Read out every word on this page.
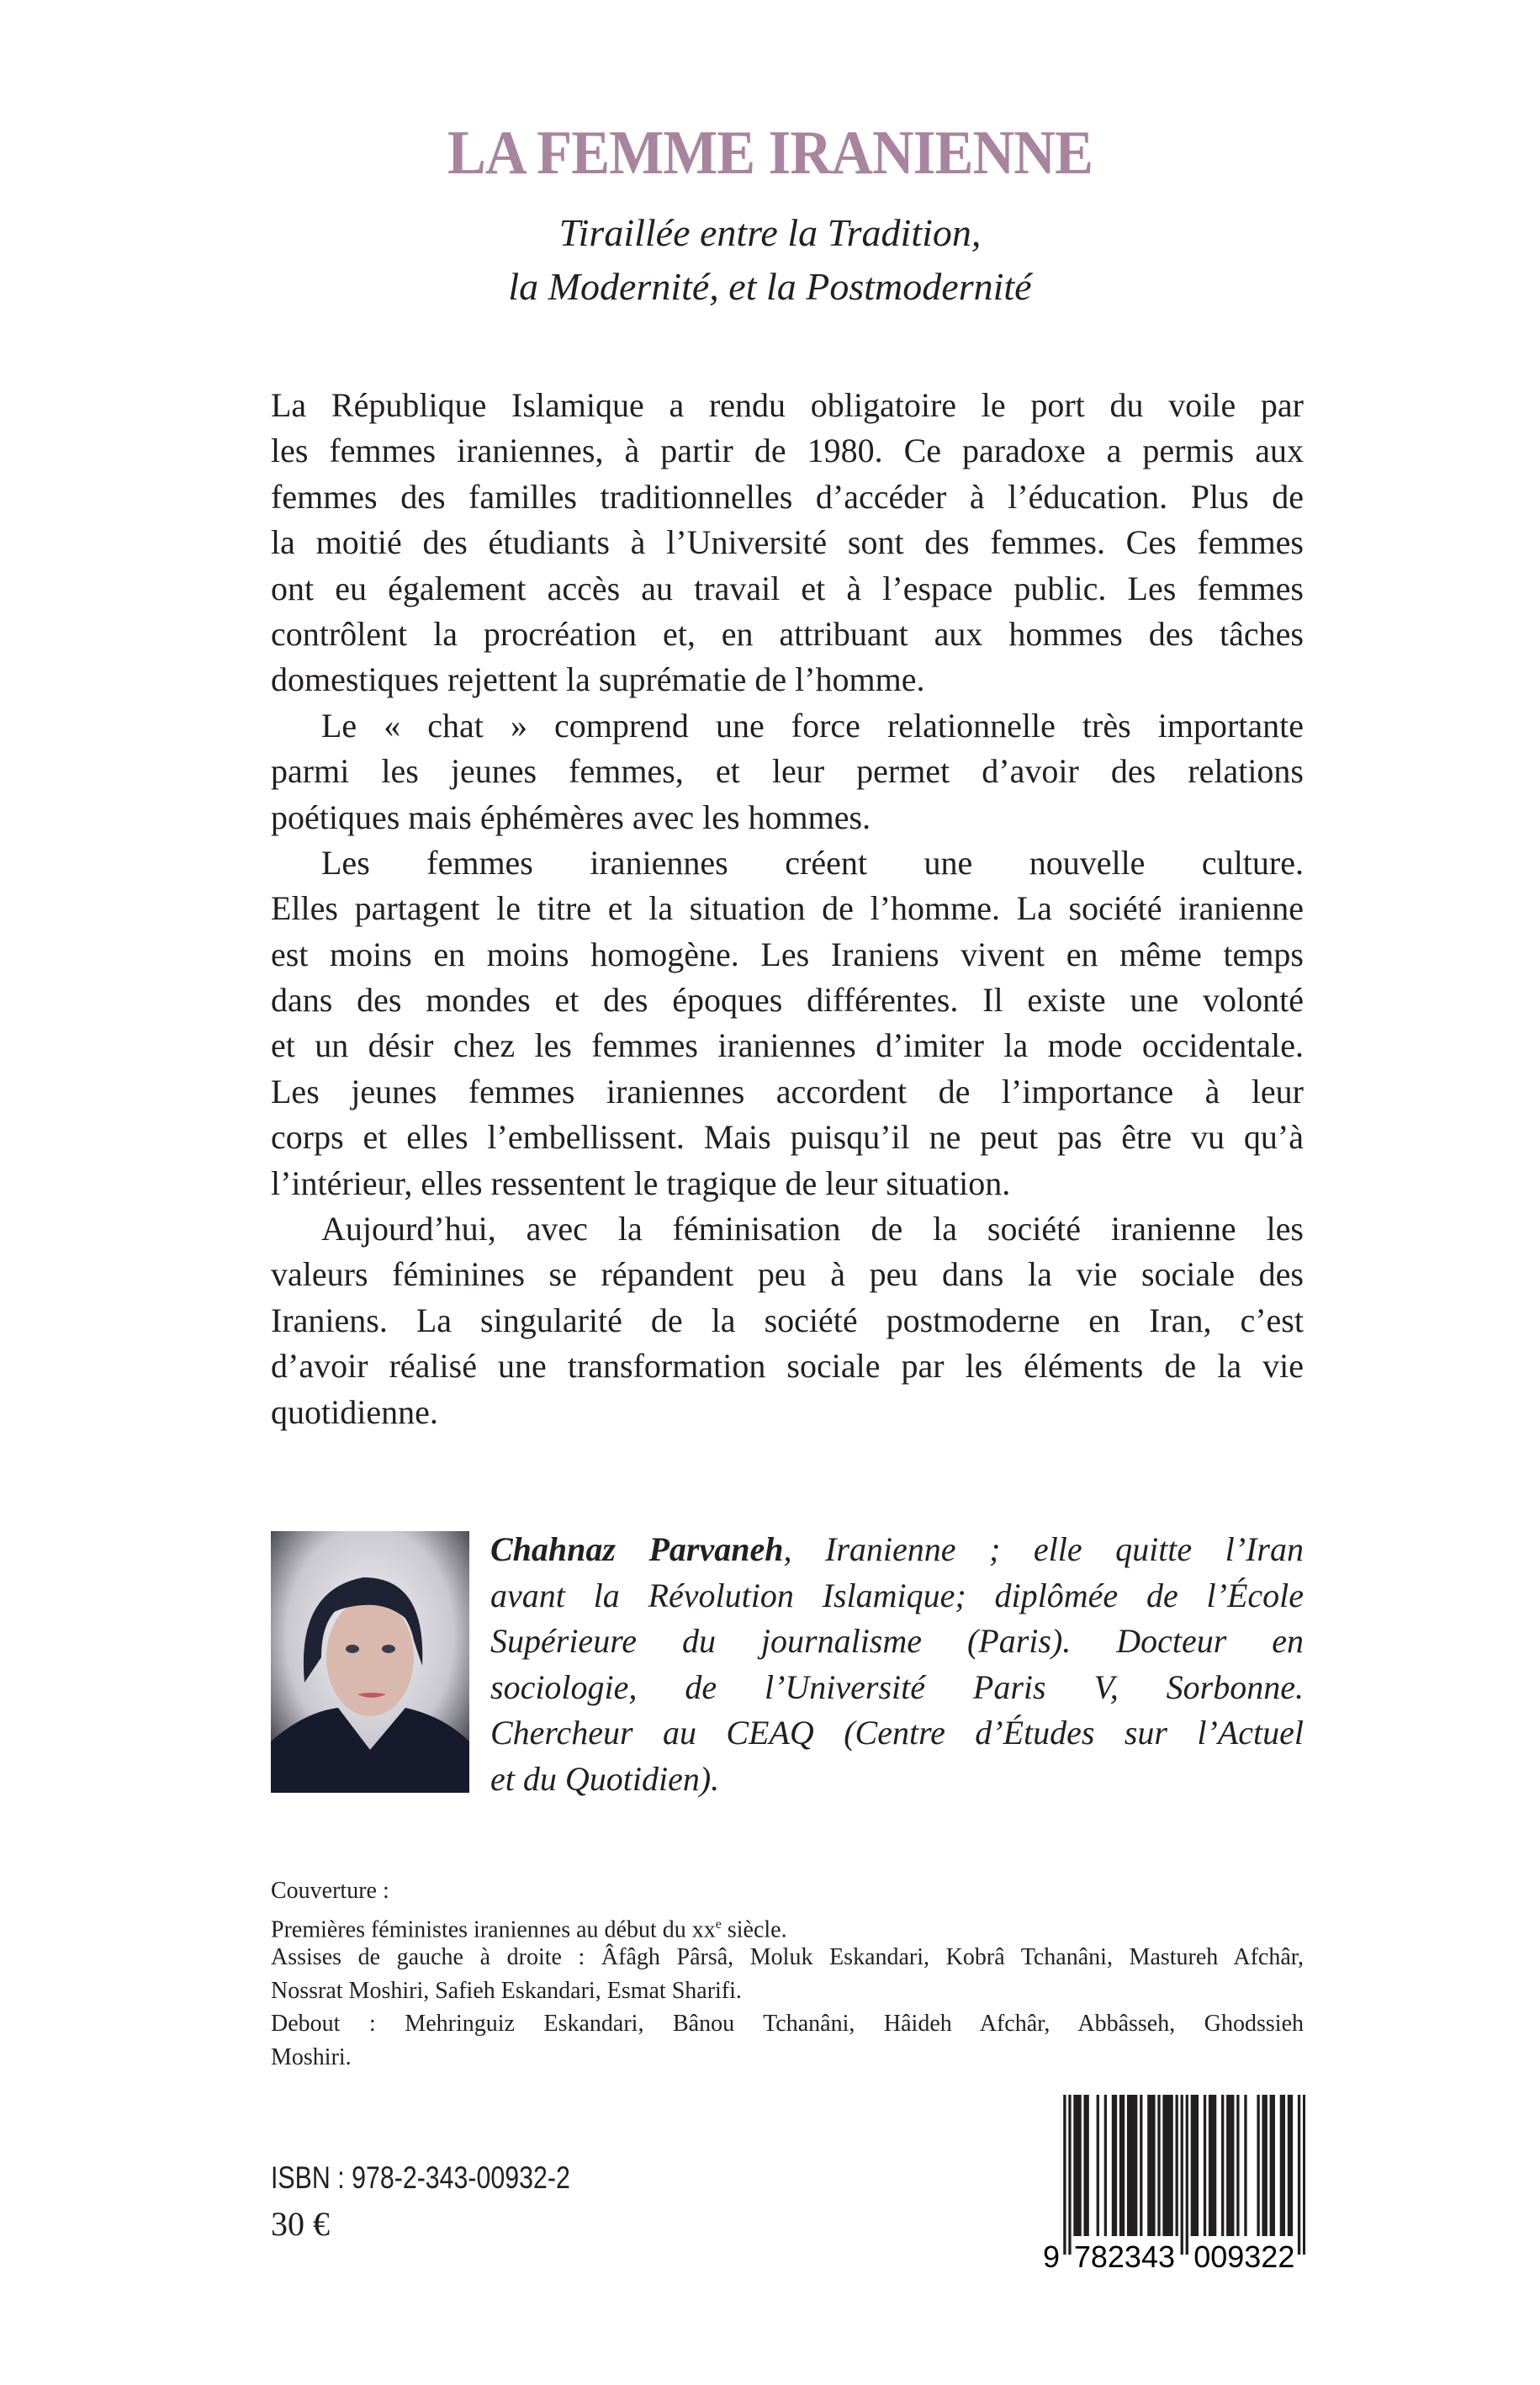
LA FEMME IRANIENNE
Tiraillée entre la Tradition,
la Modernité, et la Postmodernité
La République Islamique a rendu obligatoire le port du voile par
les femmes iraniennes, à partir de 1980. Ce paradoxe a permis aux
femmes des familles traditionnelles d’accéder à l’éducation. Plus de
la moitié des étudiants à l’Université sont des femmes. Ces femmes
ont eu également accès au travail et à l’espace public. Les femmes
contrôlent la procréation et, en attribuant aux hommes des tâches
domestiques rejettent la suprématie de l’homme.
Le « chat » comprend une force relationnelle très importante
parmi les jeunes femmes, et leur permet d’avoir des relations
poétiques mais éphémères avec les hommes.
Les femmes iraniennes créent une nouvelle culture.
Elles partagent le titre et la situation de l’homme. La société iranienne
est moins en moins homogène. Les Iraniens vivent en même temps
dans des mondes et des époques différentes. Il existe une volonté
et un désir chez les femmes iraniennes d’imiter la mode occidentale.
Les jeunes femmes iraniennes accordent de l’importance à leur
corps et elles l’embellissent. Mais puisqu’il ne peut pas être vu qu’à
l’intérieur, elles ressentent le tragique de leur situation.
Aujourd’hui, avec la féminisation de la société iranienne les
valeurs féminines se répandent peu à peu dans la vie sociale des
Iraniens. La singularité de la société postmoderne en Iran, c’est
d’avoir réalisé une transformation sociale par les éléments de la vie
quotidienne.
Chahnaz Parvaneh, Iranienne ; elle quitte l’Iran
avant la Révolution Islamique; diplômée de l’École
Supérieure du journalisme (Paris). Docteur en
sociologie, de l’Université Paris V, Sorbonne.
Chercheur au CEAQ (Centre d’Études sur l’Actuel
et du Quotidien).
Couverture :
Premières féministes iraniennes au début du $xx^e$ siècle.
Assises de gauche à droite : Âfâgh Pârsâ, Moluk Eskandari, Kobrâ Tchanâni, Mastureh Afchâr,
Nossrat Moshiri, Safieh Eskandari, Esmat Sharifi.
Debout : Mehringuiz Eskandari, Bânou Tchanâni, Hâideh Afchâr, Abbâsseh, Ghodssieh
Moshiri.
ISBN : 978-2-343-00932-2
30 €
9 782343 009322
